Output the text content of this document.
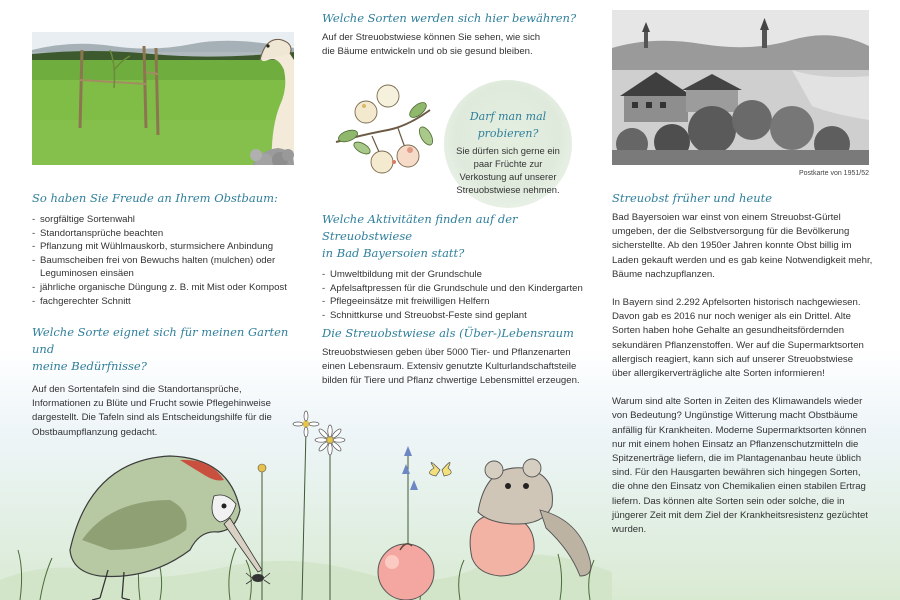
So haben Sie Freude an Ihrem Obstbaum:
- sorgfältige Sortenwahl
- Standortansprüche beachten
- Pflanzung mit Wühlmauskorb, sturmsichere Anbindung
- Baumscheiben frei von Bewuchs halten (mulchen) oder Leguminosen einsäen
- jährliche organische Düngung z. B. mit Mist oder Kompost
- fachgerechter Schnitt
Welche Sorte eignet sich für meinen Garten und
meine Bedürfnisse?

Auf den Sortentafeln sind die Standortansprüche, Informationen zu Blüte und Frucht sowie Pflegehinweise dargestellt. Die Tafeln sind als Entscheidungshilfe für die Obstbaumpflanzung gedacht.

Welche Sorten werden sich hier bewähren?

Auf der Streuobstwiese können Sie sehen, wie sich die Bäume entwickeln und ob sie gesund bleiben.

Darf man mal probieren?

Sie dürfen sich gerne ein paar Früchte zur Verkostung auf unserer Streuobstwiese nehmen.

Welche Aktivitäten finden auf der Streuobstwiese
in Bad Bayersoien statt?
- Umweltbildung mit der Grundschule
- Apfelsaftpressen für die Grundschule und den Kindergarten
- Pflegeeinsätze mit freiwilligen Helfern
- Schnittkurse und Streuobst-Feste sind geplant
Die Streuobstwiese als (Über-)Lebensraum

Streuobstwiesen geben über 5000 Tier- und Pflanzenarten einen Lebensraum. Extensiv genutzte Kulturlandschaftsteile bilden für Tiere und Pflanz chwertige Lebensmittel erzeugen.

Postkarte von 1951/52
Streuobst früher und heute

Bad Bayersoien war einst von einem Streuobst-Gürtel umgeben, der die Selbstversorgung für die Bevölkerung sicherstellte. Ab den 1950er Jahren konnte Obst billig im Laden gekauft werden und es gab keine Notwendigkeit mehr, Bäume nachzupflanzen.

In Bayern sind 2.292 Apfelsorten historisch nachgewiesen. Davon gab es 2016 nur noch weniger als ein Drittel. Alte Sorten haben hohe Gehalte an gesundheitsfördernden sekundären Pflanzenstoffen. Wer auf die Supermarktsorten allergisch reagiert, kann sich auf unserer Streuobstwiese über allergikerverträgliche alte Sorten informieren!

Warum sind alte Sorten in Zeiten des Klimawandels wieder von Bedeutung? Ungünstige Witterung macht Obstbäume anfällig für Krankheiten. Moderne Supermarktsorten können nur mit einem hohen Einsatz an Pflanzenschutzmitteln die Spitzenerträge liefern, die im Plantagenanbau heute üblich sind. Für den Hausgarten bewähren sich hingegen Sorten, die ohne den Einsatz von Chemikalien einen stabilen Ertrag liefern. Das können alte Sorten sein oder solche, die in jüngerer Zeit mit dem Ziel der Krankheitsresistenz gezüchtet wurden.
